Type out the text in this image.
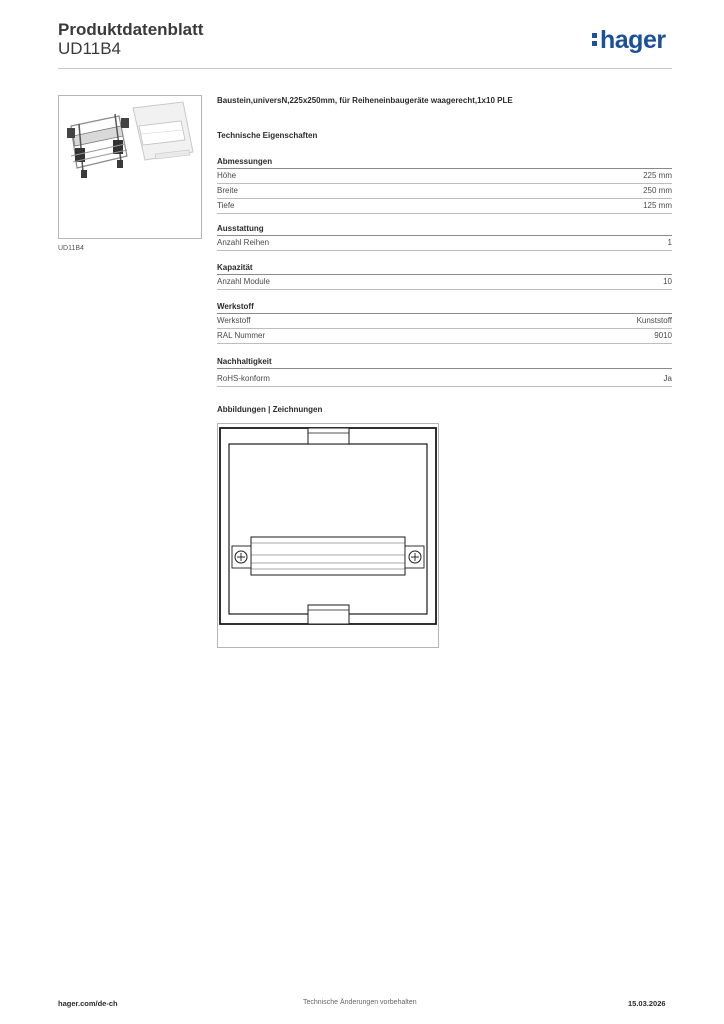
Produktdatenblatt
UD11B4	hager
UD11B4
Baustein,universN,225x250mm, für Reiheneinbaugeräte waagerecht,1x10 PLE
Technische Eigenschaften
Abmessungen
Höhe	225 mm
Breite	250 mm
Tiefe	125 mm
Ausstattung
Anzahl Reihen	1
Kapazität
Anzahl Module	10
Werkstoff
Werkstoff	Kunststoff
RAL Nummer	9010
Nachhaltigkeit
RoHS-konform	Ja
Abbildungen | Zeichnungen
hager.com/de-ch	Technische Änderungen vorbehalten	15.03.2026
